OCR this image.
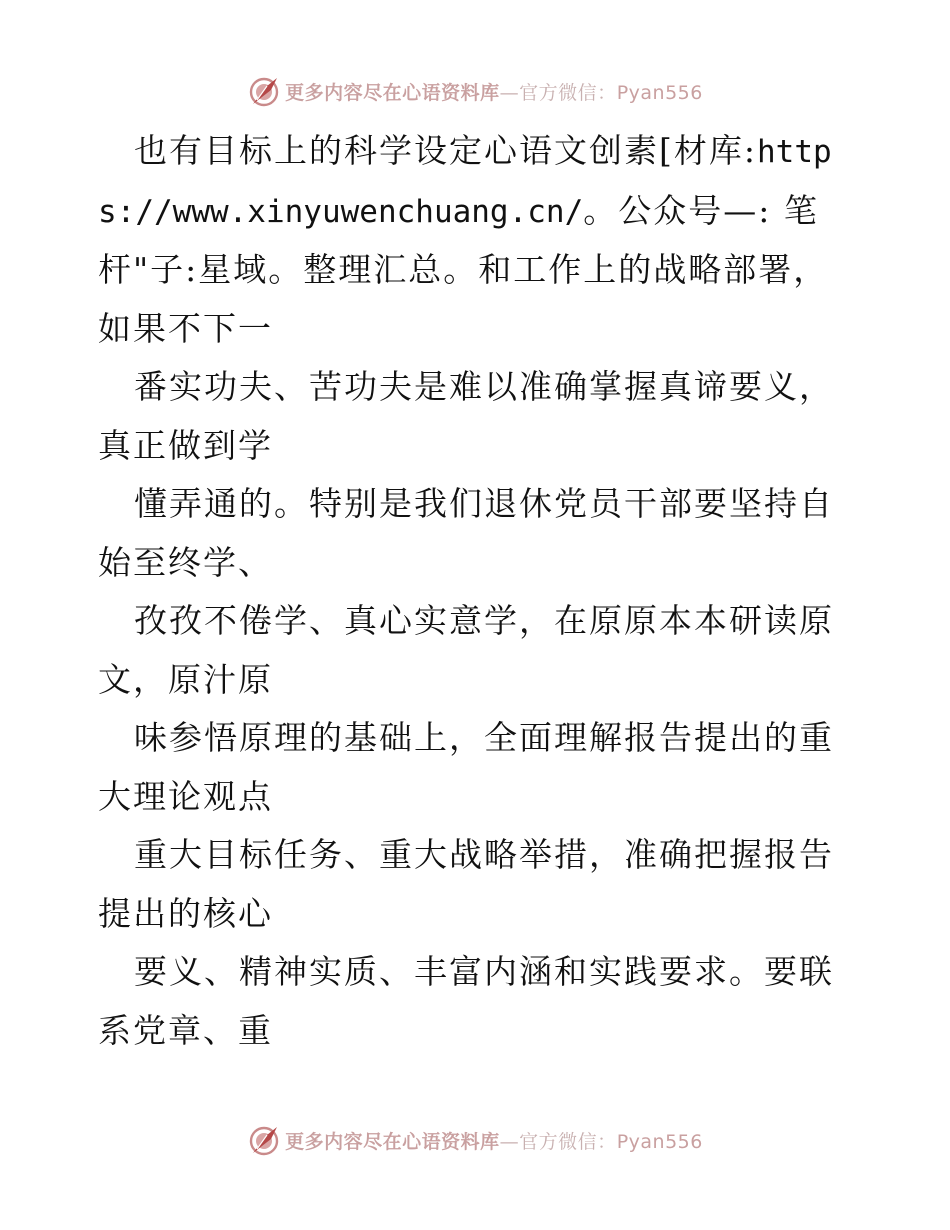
更多内容尽在心语资料库—官方微信：Pyan556

也有目标上的科学设定心语文创素[材库:https://www.xinyuwenchuang.cn/。公众号—: 笔杆"子:星域。整理汇总。和工作上的战略部署，如果不下一

番实功夫、苦功夫是难以准确掌握真谛要义，真正做到学

懂弄通的。特别是我们退休党员干部要坚持自始至终学、

孜孜不倦学、真心实意学，在原原本本研读原文，原汁原

味参悟原理的基础上，全面理解报告提出的重大理论观点

重大目标任务、重大战略举措，准确把握报告提出的核心

要义、精神实质、丰富内涵和实践要求。要联系党章、重

更多内容尽在心语资料库—官方微信：Pyan556
